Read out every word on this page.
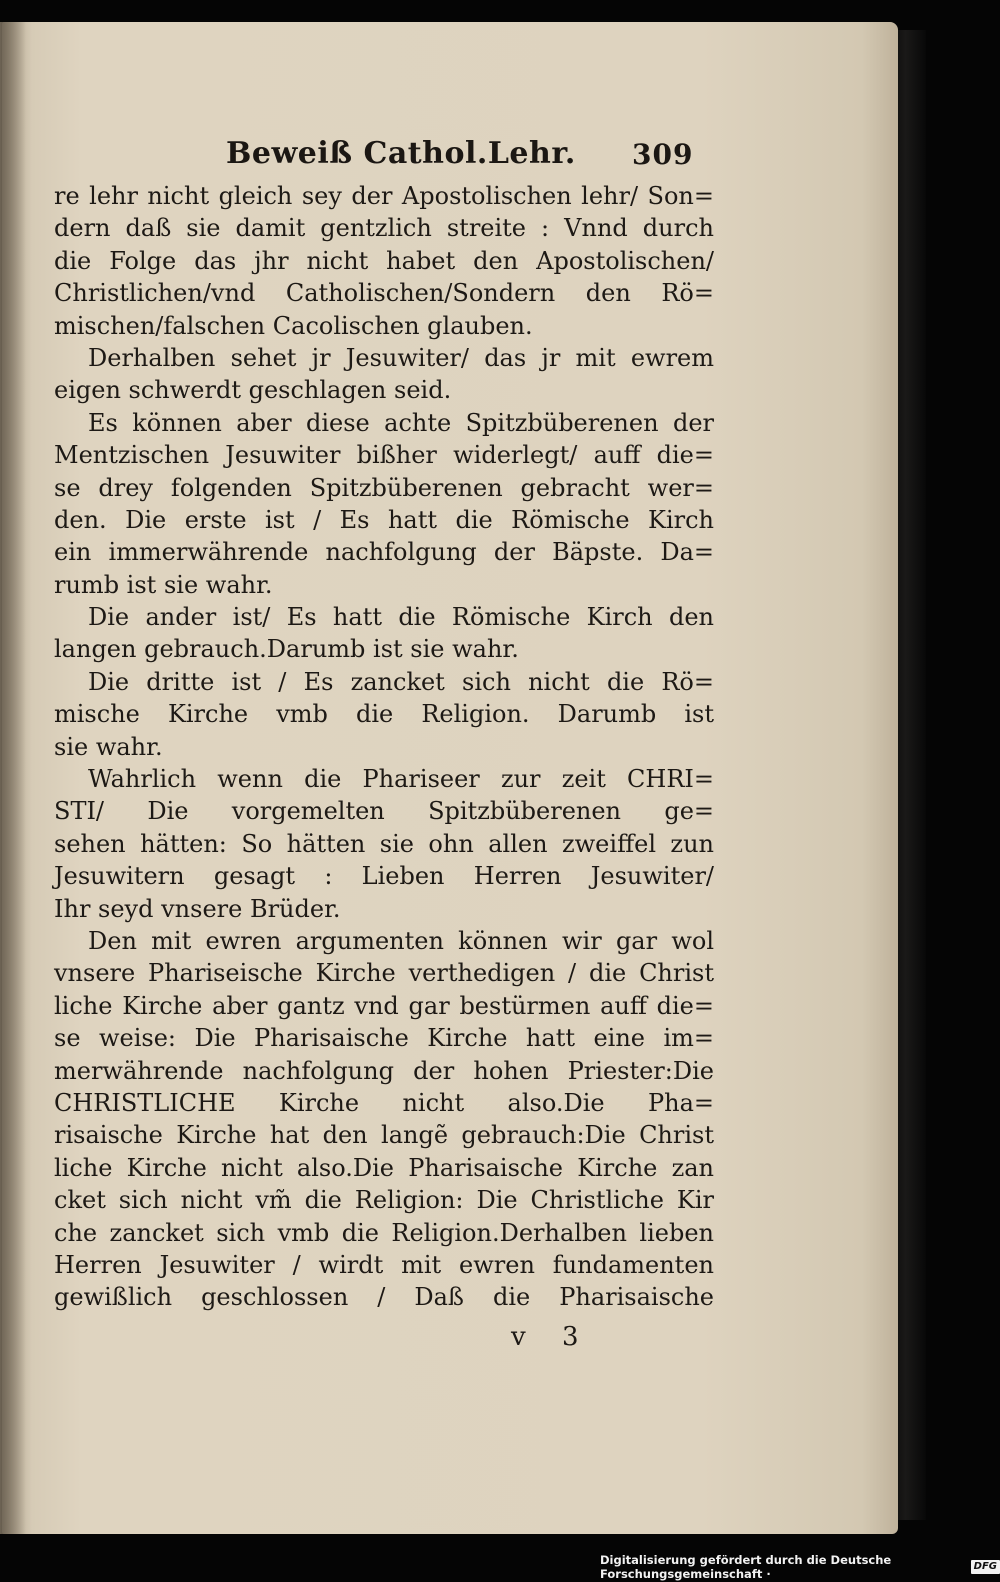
Beweiß Cathol.Lehr. 309
re lehr nicht gleich sey der Apostolischen lehr/ Son=
dern daß sie damit gentzlich streite : Vnnd durch
die Folge das jhr nicht habet den Apostolischen/
Christlichen/vnd Catholischen/Sondern den Rö=
mischen/falschen Cacolischen glauben.
Derhalben sehet jr Jesuwiter/ das jr mit ewrem
eigen schwerdt geschlagen seid.
Es können aber diese achte Spitzbüberenen der
Mentzischen Jesuwiter bißher widerlegt/ auff die=
se drey folgenden Spitzbüberenen gebracht wer=
den. Die erste ist / Es hatt die Römische Kirch
ein immerwährende nachfolgung der Bäpste. Da=
rumb ist sie wahr.
Die ander ist/ Es hatt die Römische Kirch den
langen gebrauch.Darumb ist sie wahr.
Die dritte ist / Es zancket sich nicht die Rö=
mische Kirche vmb die Religion. Darumb ist
sie wahr.
Wahrlich wenn die Phariseer zur zeit CHRI=
STI/ Die vorgemelten Spitzbüberenen ge=
sehen hätten: So hätten sie ohn allen zweiffel zun
Jesuwitern gesagt : Lieben Herren Jesuwiter/
Ihr seyd vnsere Brüder.
Den mit ewren argumenten können wir gar wol
vnsere Phariseische Kirche verthedigen / die Christ
liche Kirche aber gantz vnd gar bestürmen auff die=
se weise: Die Pharisaische Kirche hatt eine im=
merwährende nachfolgung der hohen Priester:Die
CHRISTLICHE Kirche nicht also.Die Pha=
risaische Kirche hat den langẽ gebrauch:Die Christ
liche Kirche nicht also.Die Pharisaische Kirche zan
cket sich nicht vm̃ die Religion: Die Christliche Kir
che zancket sich vmb die Religion.Derhalben lieben
Herren Jesuwiter / wirdt mit ewren fundamenten
gewißlich geschlossen / Daß die Pharisaische
v 3
Digitalisierung gefördert durch die Deutsche Forschungsgemeinschaft ·
DFG
